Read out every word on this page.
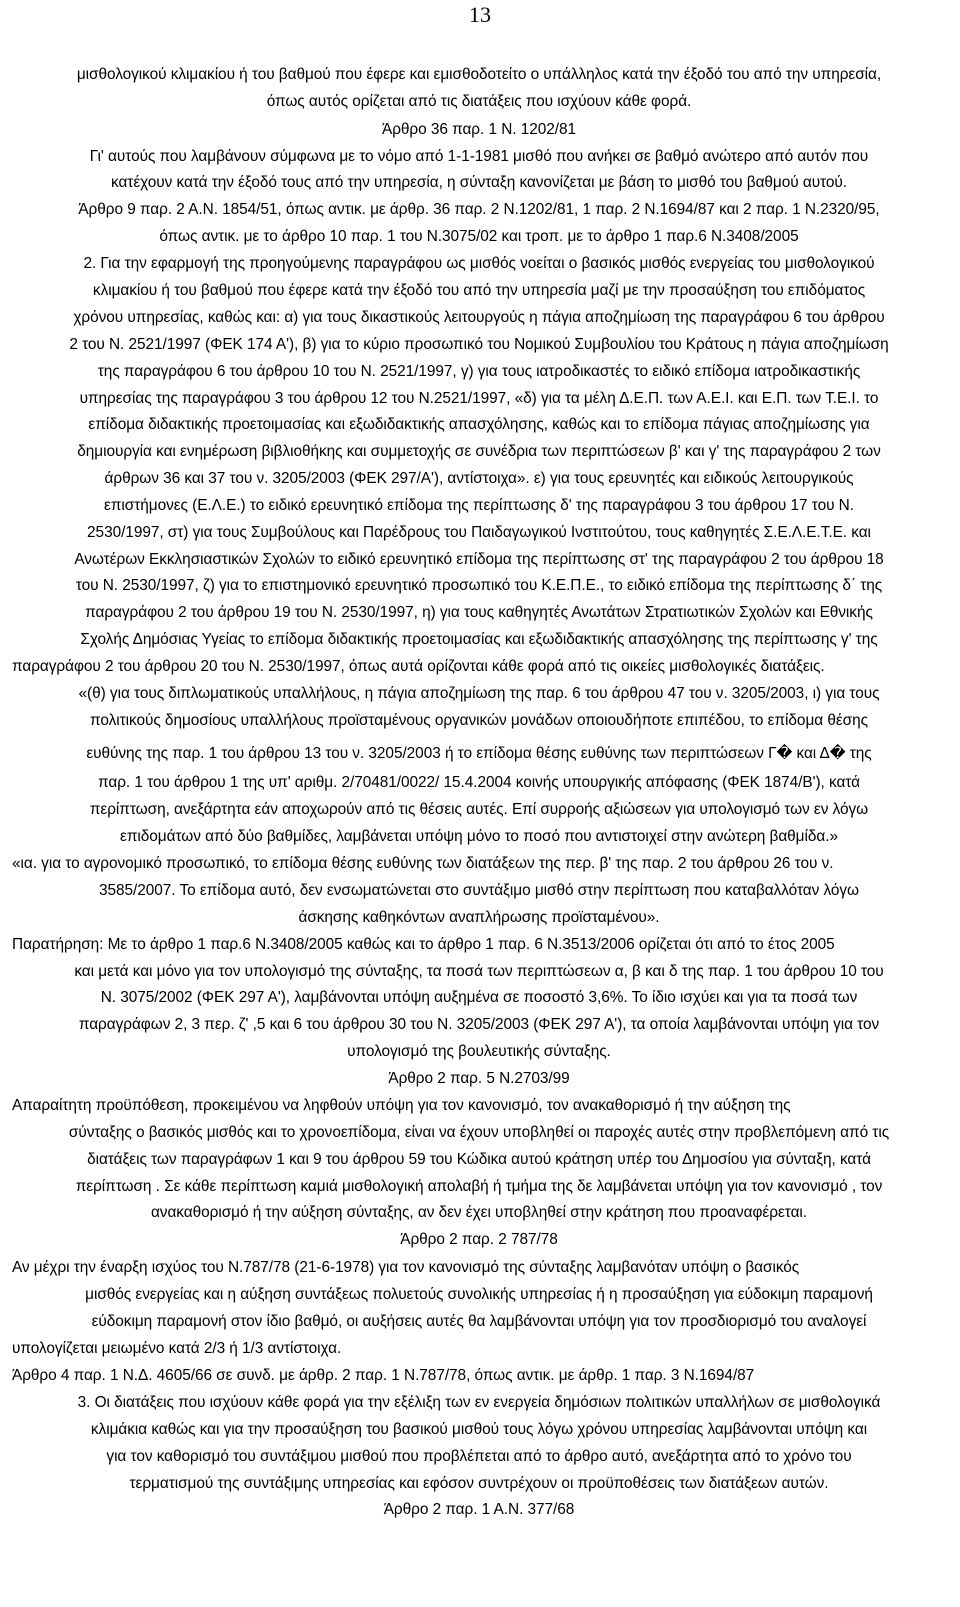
13
μισθολογικού κλιμακίου ή του βαθμού που έφερε και εμισθοδοτείτο ο υπάλληλος κατά την έξοδό του από την υπηρεσία,
όπως αυτός ορίζεται από τις διατάξεις που ισχύουν κάθε φορά.
Άρθρο 36 παρ. 1 Ν. 1202/81
Γι' αυτούς που λαμβάνουν σύμφωνα με το νόμο από 1-1-1981 μισθό που ανήκει σε βαθμό ανώτερο από αυτόν που
κατέχουν κατά την έξοδό τους από την υπηρεσία, η σύνταξη κανονίζεται με βάση το μισθό του βαθμού αυτού.
Άρθρο 9 παρ. 2 Α.Ν. 1854/51, όπως αντικ. με άρθρ. 36 παρ. 2 Ν.1202/81, 1 παρ. 2 Ν.1694/87 και 2 παρ. 1 Ν.2320/95,
όπως αντικ. με το άρθρο 10 παρ. 1 του Ν.3075/02 και τροπ. με το άρθρο 1 παρ.6 Ν.3408/2005
2. Για την εφαρμογή της προηγούμενης παραγράφου ως μισθός νοείται ο βασικός μισθός ενεργείας του μισθολογικού
κλιμακίου ή του βαθμού που έφερε κατά την έξοδό του από την υπηρεσία μαζί με την προσαύξηση του επιδόματος
χρόνου υπηρεσίας, καθώς και: α) για τους δικαστικούς λειτουργούς η πάγια αποζημίωση της παραγράφου 6 του άρθρου
2 του Ν. 2521/1997 (ΦΕΚ 174 Α'), β) για το κύριο προσωπικό του Νομικού Συμβουλίου του Κράτους η πάγια αποζημίωση
της παραγράφου 6 του άρθρου 10 του Ν. 2521/1997, γ) για τους ιατροδικαστές το ειδικό επίδομα ιατροδικαστικής
υπηρεσίας της παραγράφου 3 του άρθρου 12 του Ν.2521/1997, «δ) για τα μέλη Δ.Ε.Π. των Α.Ε.Ι. και Ε.Π. των Τ.Ε.Ι. το
επίδομα διδακτικής προετοιμασίας και εξωδιδακτικής απασχόλησης, καθώς και το επίδομα πάγιας αποζημίωσης για
δημιουργία και ενημέρωση βιβλιοθήκης και συμμετοχής σε συνέδρια των περιπτώσεων β' και γ' της παραγράφου 2 των
άρθρων 36 και 37 του ν. 3205/2003 (ΦΕΚ 297/Α'), αντίστοιχα». ε) για τους ερευνητές και ειδικούς λειτουργικούς
επιστήμονες (Ε.Λ.Ε.) το ειδικό ερευνητικό επίδομα της περίπτωσης δ' της παραγράφου 3 του άρθρου 17 του Ν.
2530/1997, στ) για τους Συμβούλους και Παρέδρους του Παιδαγωγικού Ινστιτούτου, τους καθηγητές Σ.Ε.Λ.Ε.Τ.Ε. και
Ανωτέρων Εκκλησιαστικών Σχολών το ειδικό ερευνητικό επίδομα της περίπτωσης στ' της παραγράφου 2 του άρθρου 18
του Ν. 2530/1997, ζ) για το επιστημονικό ερευνητικό προσωπικό του Κ.Ε.Π.Ε., το ειδικό επίδομα της περίπτωσης δ΄ της
παραγράφου 2 του άρθρου 19 του Ν. 2530/1997, η) για τους καθηγητές Ανωτάτων Στρατιωτικών Σχολών και Εθνικής
Σχολής Δημόσιας Υγείας το επίδομα διδακτικής προετοιμασίας και εξωδιδακτικής απασχόλησης της περίπτωσης γ' της
παραγράφου 2 του άρθρου 20 του Ν. 2530/1997, όπως αυτά ορίζονται κάθε φορά από τις οικείες μισθολογικές διατάξεις.
«(θ) για τους διπλωματικούς υπαλλήλους, η πάγια αποζημίωση της παρ. 6 του άρθρου 47 του ν. 3205/2003, ι) για τους
πολιτικούς δημοσίους υπαλλήλους προϊσταμένους οργανικών μονάδων οποιουδήποτε επιπέδου, το επίδομα θέσης
ευθύνης της παρ. 1 του άρθρου 13 του ν. 3205/2003 ή το επίδομα θέσης ευθύνης των περιπτώσεων Γ� και Δ� της
παρ. 1 του άρθρου 1 της υπ' αριθμ. 2/70481/0022/ 15.4.2004 κοινής υπουργικής απόφασης (ΦΕΚ 1874/Β'), κατά
περίπτωση, ανεξάρτητα εάν αποχωρούν από τις θέσεις αυτές. Επί συρροής αξιώσεων για υπολογισμό των εν λόγω
επιδομάτων από δύο βαθμίδες, λαμβάνεται υπόψη μόνο το ποσό που αντιστοιχεί στην ανώτερη βαθμίδα.»
«ια. για το αγρονομικό προσωπικό, το επίδομα θέσης ευθύνης των διατάξεων της περ. β' της παρ. 2 του άρθρου 26 του ν.
3585/2007. Το επίδομα αυτό, δεν ενσωματώνεται στο συντάξιμο μισθό στην περίπτωση που καταβαλλόταν λόγω
άσκησης καθηκόντων αναπλήρωσης προϊσταμένου».
Παρατήρηση: Με το άρθρο 1 παρ.6 Ν.3408/2005 καθώς και το άρθρο 1 παρ. 6 Ν.3513/2006 ορίζεται ότι από το έτος 2005
και μετά και μόνο για τον υπολογισμό της σύνταξης, τα ποσά των περιπτώσεων α, β και δ της παρ. 1 του άρθρου 10 του
Ν. 3075/2002 (ΦΕΚ 297 Α'), λαμβάνονται υπόψη αυξημένα σε ποσοστό 3,6%. Το ίδιο ισχύει και για τα ποσά των
παραγράφων 2, 3 περ. ζ' ,5 και 6 του άρθρου 30 του Ν. 3205/2003 (ΦΕΚ 297 Α'), τα οποία λαμβάνονται υπόψη για τον
υπολογισμό της βουλευτικής σύνταξης.
Άρθρο 2 παρ. 5 Ν.2703/99
Απαραίτητη προϋπόθεση, προκειμένου να ληφθούν υπόψη για τον κανονισμό, τον ανακαθορισμό ή την αύξηση της
σύνταξης ο βασικός μισθός και το χρονοεπίδομα, είναι να έχουν υποβληθεί οι παροχές αυτές στην προβλεπόμενη από τις
διατάξεις των παραγράφων 1 και 9 του άρθρου 59 του Κώδικα αυτού κράτηση υπέρ του Δημοσίου για σύνταξη, κατά
περίπτωση . Σε κάθε περίπτωση καμιά μισθολογική απολαβή ή τμήμα της δε λαμβάνεται υπόψη για τον κανονισμό , τον
ανακαθορισμό ή την αύξηση σύνταξης, αν δεν έχει υποβληθεί στην κράτηση που προαναφέρεται.
Άρθρο 2 παρ. 2 787/78
Αν μέχρι την έναρξη ισχύος του Ν.787/78 (21-6-1978) για τον κανονισμό της σύνταξης λαμβανόταν υπόψη ο βασικός
μισθός ενεργείας και η αύξηση συντάξεως πολυετούς συνολικής υπηρεσίας ή η προσαύξηση για εύδοκιμη παραμονή
εύδοκιμη παραμονή στον ίδιο βαθμό, οι αυξήσεις αυτές θα λαμβάνονται υπόψη για τον προσδιορισμό του αναλογεί
υπολογίζεται μειωμένο κατά 2/3 ή 1/3 αντίστοιχα.
Άρθρο 4 παρ. 1 Ν.Δ. 4605/66 σε συνδ. με άρθρ. 2 παρ. 1 Ν.787/78, όπως αντικ. με άρθρ. 1 παρ. 3 Ν.1694/87
3. Οι διατάξεις που ισχύουν κάθε φορά για την εξέλιξη των εν ενεργεία δημόσιων πολιτικών υπαλλήλων σε μισθολογικά
κλιμάκια καθώς και για την προσαύξηση του βασικού μισθού τους λόγω χρόνου υπηρεσίας λαμβάνονται υπόψη και
για τον καθορισμό του συντάξιμου μισθού που προβλέπεται από το άρθρο αυτό, ανεξάρτητα από το χρόνο του
τερματισμού της συντάξιμης υπηρεσίας και εφόσον συντρέχουν οι προϋποθέσεις των διατάξεων αυτών.
Άρθρο 2 παρ. 1 Α.Ν. 377/68
